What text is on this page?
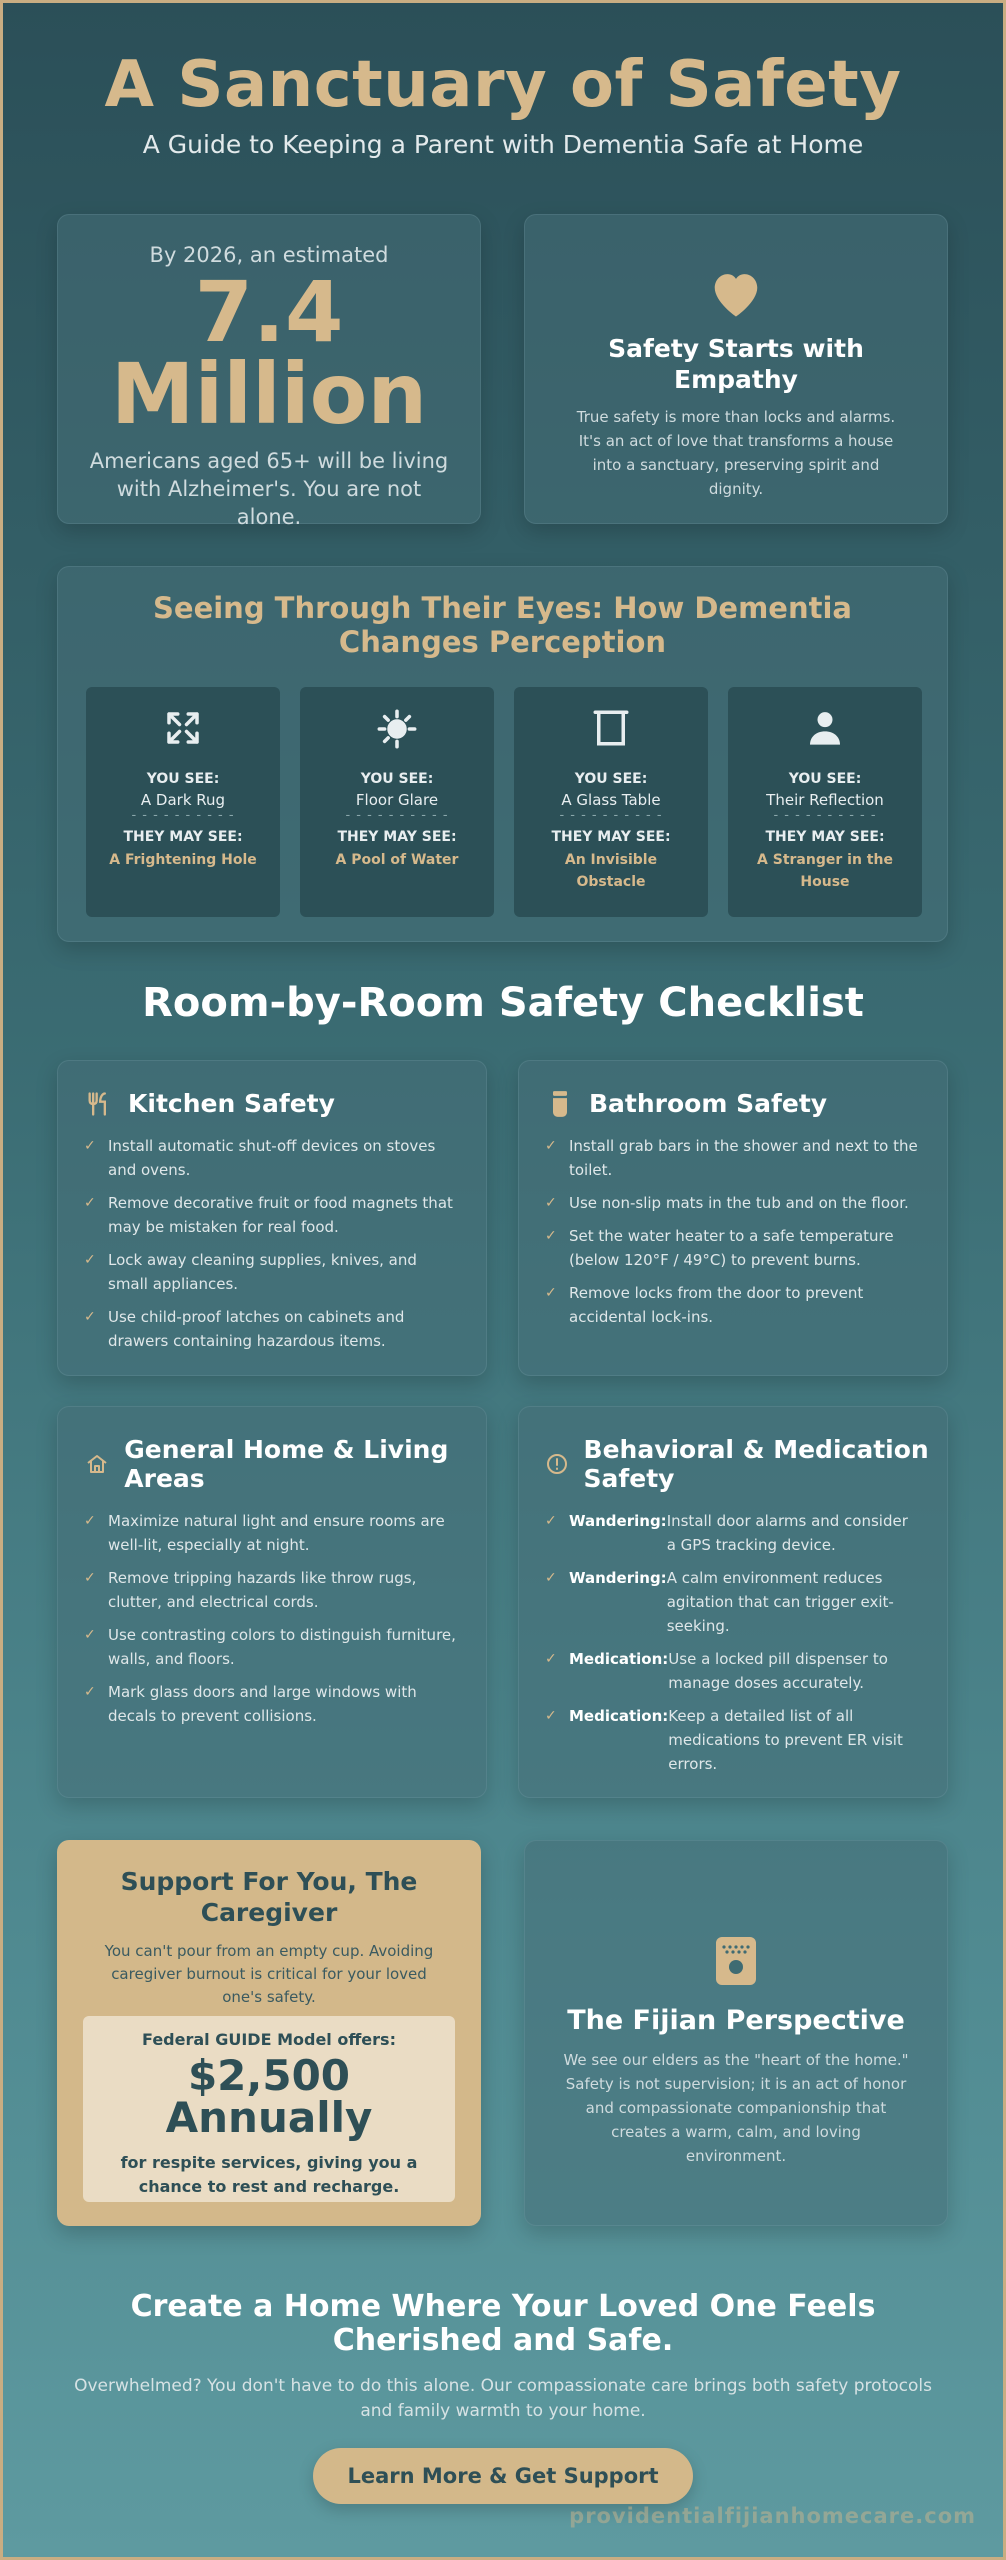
A Sanctuary of Safety
A Guide to Keeping a Parent with Dementia Safe at Home
By 2026, an estimated
7.4
Million
Americans aged 65+ will be living with Alzheimer's. You are not alone.
Safety Starts with Empathy

True safety is more than locks and alarms. It's an act of love that transforms a house into a sanctuary, preserving spirit and dignity.

Seeing Through Their Eyes: How Dementia Changes Perception
YOU SEE:
A Dark Rug
- - - - - - - - - -
THEY MAY SEE:
A Frightening Hole
YOU SEE:
Floor Glare
- - - - - - - - - -
THEY MAY SEE:
A Pool of Water
YOU SEE:
A Glass Table
- - - - - - - - - -
THEY MAY SEE:
An Invisible Obstacle
YOU SEE:
Their Reflection
- - - - - - - - - -
THEY MAY SEE:
A Stranger in the House
Room-by-Room Safety Checklist
Kitchen Safety
✓ Install automatic shut-off devices on stoves and ovens.
✓ Remove decorative fruit or food magnets that may be mistaken for real food.
✓ Lock away cleaning supplies, knives, and small appliances.
✓ Use child-proof latches on cabinets and drawers containing hazardous items.
Bathroom Safety
✓ Install grab bars in the shower and next to the toilet.
✓ Use non-slip mats in the tub and on the floor.
✓ Set the water heater to a safe temperature (below 120°F / 49°C) to prevent burns.
✓ Remove locks from the door to prevent accidental lock-ins.
General Home & Living Areas
✓ Maximize natural light and ensure rooms are well-lit, especially at night.
✓ Remove tripping hazards like throw rugs, clutter, and electrical cords.
✓ Use contrasting colors to distinguish furniture, walls, and floors.
✓ Mark glass doors and large windows with decals to prevent collisions.
Behavioral & Medication Safety
✓ Wandering: Install door alarms and consider a GPS tracking device.
✓ Wandering: A calm environment reduces agitation that can trigger exit-seeking.
✓ Medication: Use a locked pill dispenser to manage doses accurately.
✓ Medication: Keep a detailed list of all medications to prevent ER visit errors.
Support For You, The Caregiver

You can't pour from an empty cup. Avoiding caregiver burnout is critical for your loved one's safety.

Federal GUIDE Model offers:
$2,500
Annually
for respite services, giving you a chance to rest and recharge.
The Fijian Perspective

We see our elders as the "heart of the home." Safety is not supervision; it is an act of honor and compassionate companionship that creates a warm, calm, and loving environment.

Create a Home Where Your Loved One Feels Cherished and Safe.

Overwhelmed? You don't have to do this alone. Our compassionate care brings both safety protocols and family warmth to your home.

Learn More & Get Support
providentialfijianhomecare.com
